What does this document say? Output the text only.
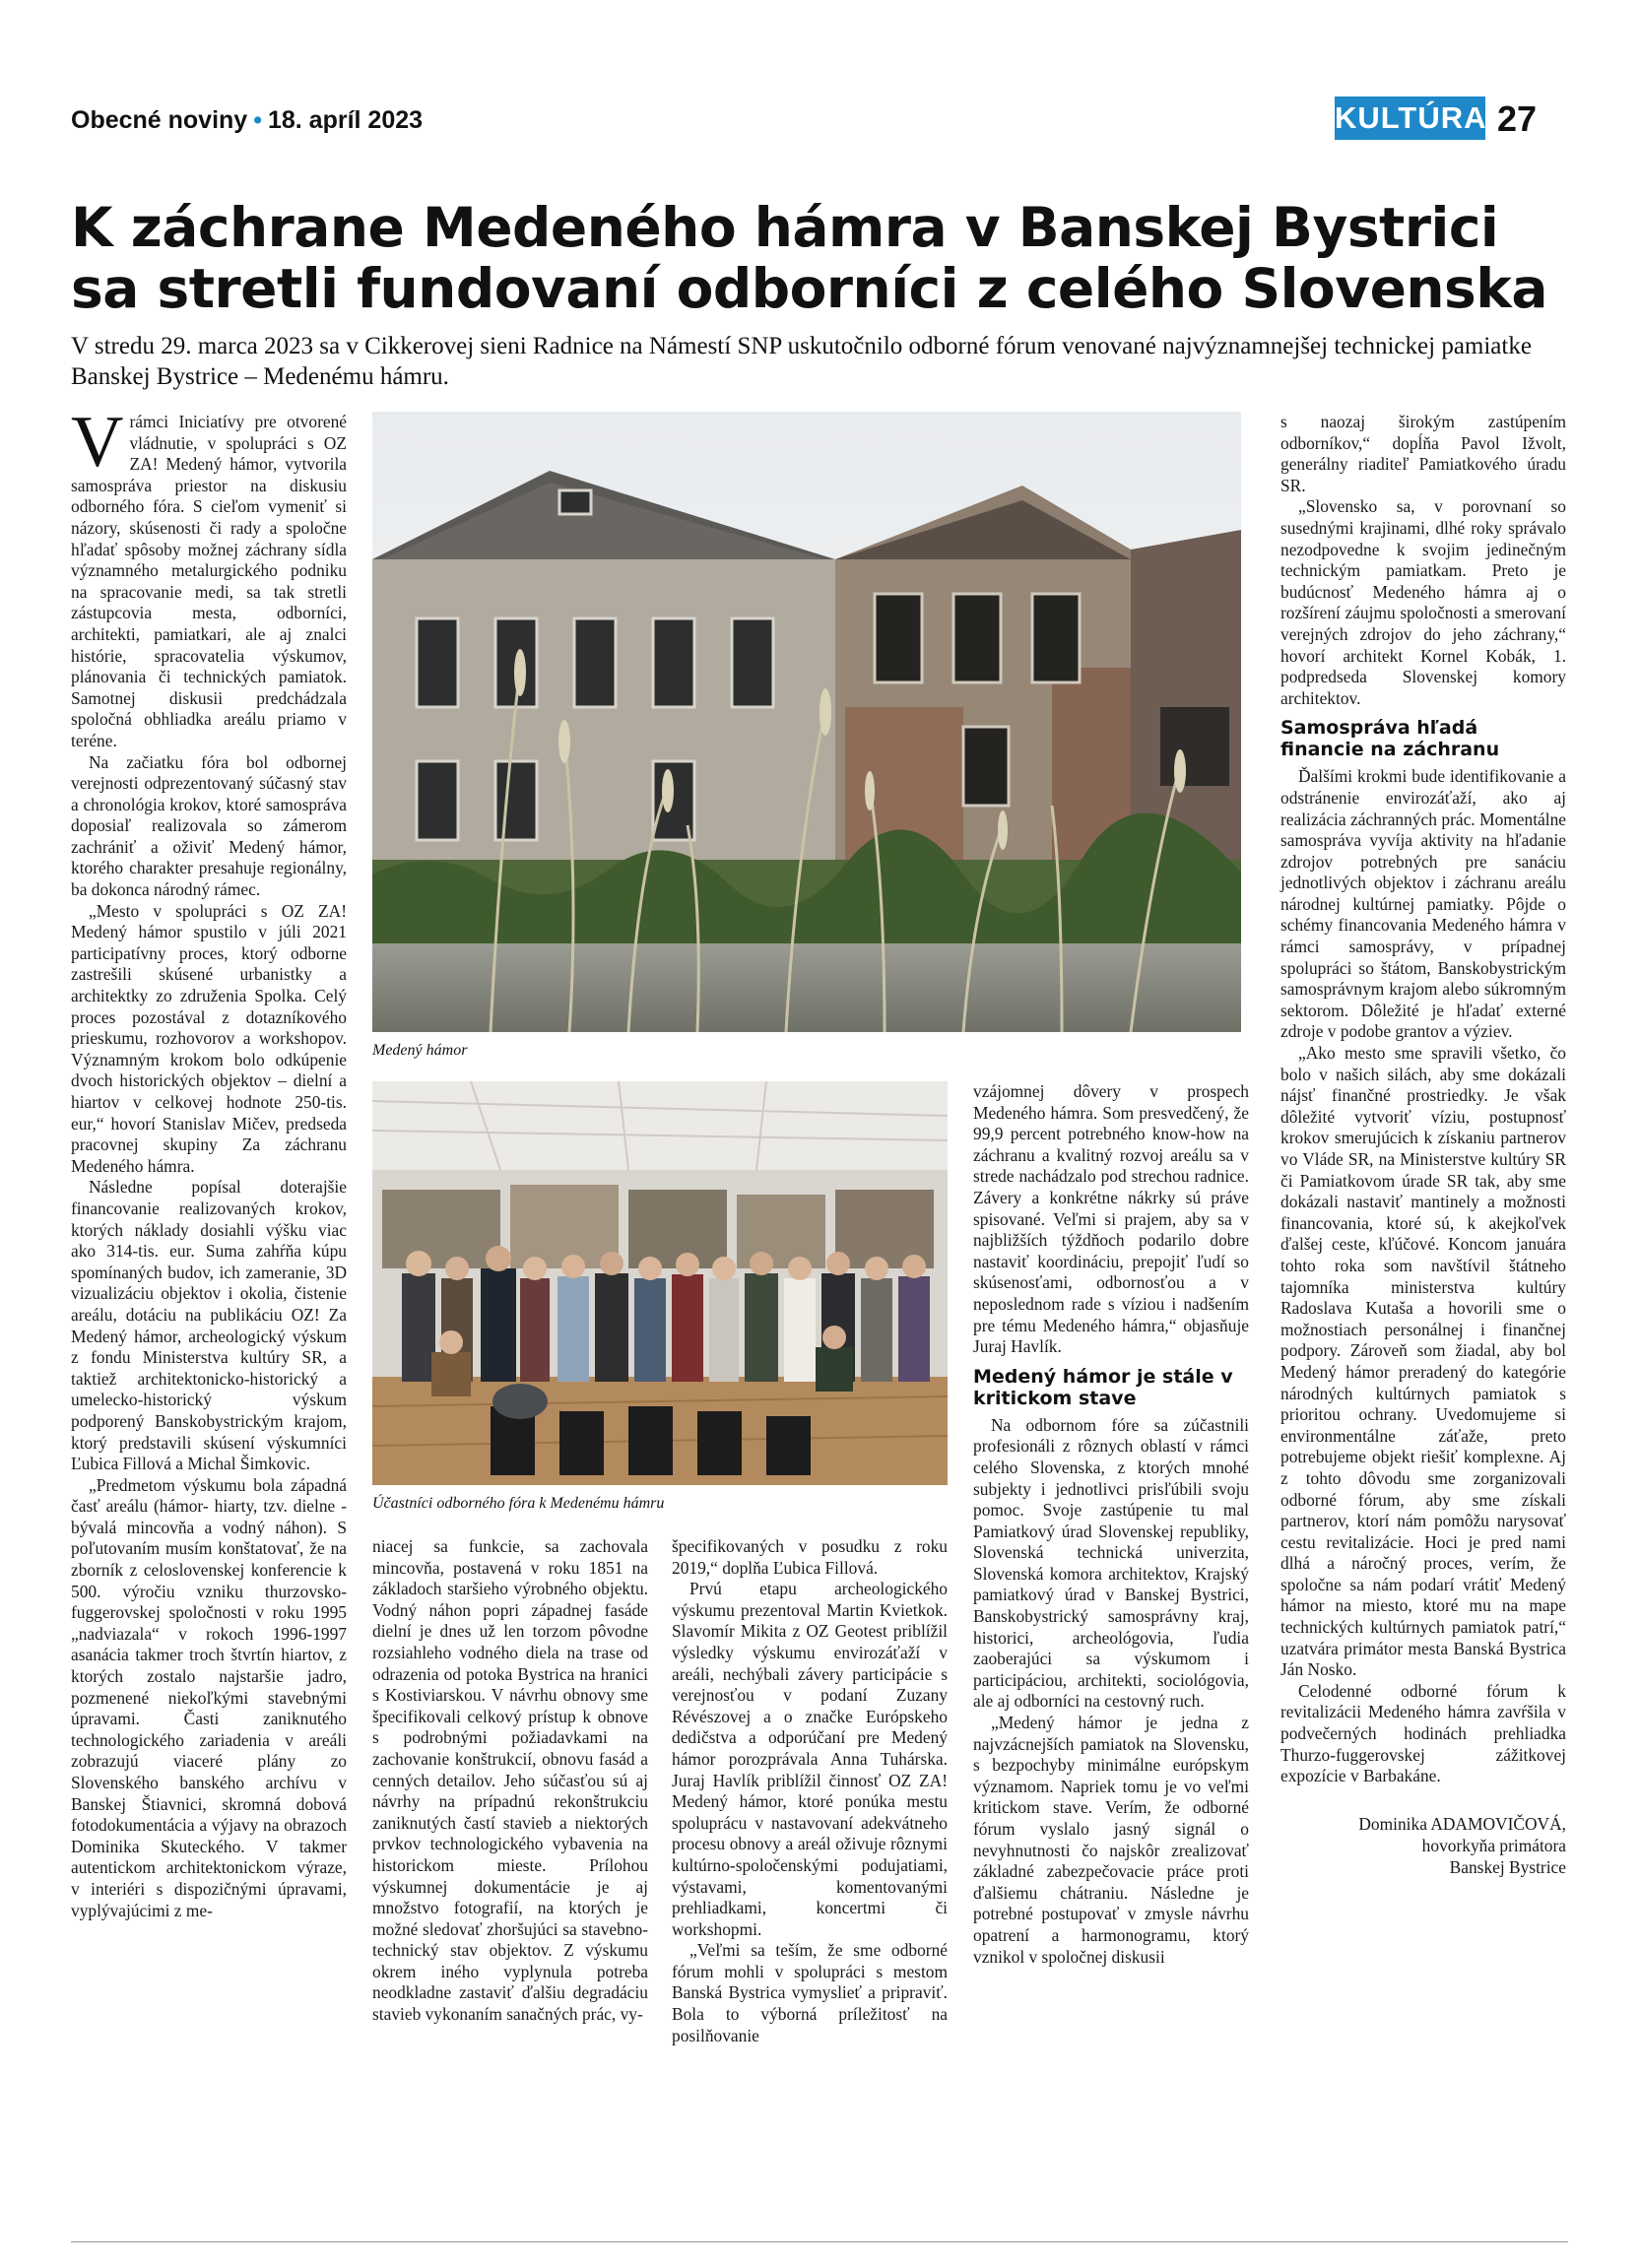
Obecné noviny • 18. apríl 2023	KULTÚRA 27
K záchrane Medeného hámra v Banskej Bystrici
sa stretli fundovaní odborníci z celého Slovenska

V stredu 29. marca 2023 sa v Cikkerovej sieni Radnice na Námestí SNP uskutočnilo odborné fórum venované najvýznamnejšej technickej pamiatke Banskej Bystrice – Medenému hámru.

Vrámci Iniciatívy pre otvorené vládnutie, v spolupráci s OZ ZA! Medený hámor, vytvorila samospráva priestor na diskusiu odborného fóra. S cieľom vymeniť si názory, skúsenosti či rady a spoločne hľadať spôsoby možnej záchrany sídla významného metalurgického podniku na spracovanie medi, sa tak stretli zástupcovia mesta, odborníci, architekti, pamiatkari, ale aj znalci histórie, spracovatelia výskumov, plánovania či technických pamiatok. Samotnej diskusii predchádzala spoločná obhliadka areálu priamo v teréne.

Na začiatku fóra bol odbornej verejnosti odprezentovaný súčasný stav a chronológia krokov, ktoré samospráva doposiaľ realizovala so zámerom zachrániť a oživiť Medený hámor, ktorého charakter presahuje regionálny, ba dokonca národný rámec.

„Mesto v spolupráci s OZ ZA! Medený hámor spustilo v júli 2021 participatívny proces, ktorý odborne zastrešili skúsené urbanistky a architektky zo združenia Spolka. Celý proces pozostával z dotazníkového prieskumu, rozhovorov a workshopov. Významným krokom bolo odkúpenie dvoch historických objektov – dielní a hiartov v celkovej hodnote 250-tis. eur,“ hovorí Stanislav Mičev, predseda pracovnej skupiny Za záchranu Medeného hámra.

Následne popísal doterajšie financovanie realizovaných krokov, ktorých náklady dosiahli výšku viac ako 314-tis. eur. Suma zahŕňa kúpu spomínaných budov, ich zameranie, 3D vizualizáciu objektov i okolia, čistenie areálu, dotáciu na publikáciu OZ! Za Medený hámor, archeologický výskum z fondu Ministerstva kultúry SR, a taktiež architektonicko-historický a umelecko-historický výskum podporený Banskobystrickým krajom, ktorý predstavili skúsení výskumníci Ľubica Fillová a Michal Šimkovic.

„Predmetom výskumu bola západná časť areálu (hámor- hiarty, tzv. dielne - bývalá mincovňa a vodný náhon). S poľutovaním musím konštatovať, že na zborník z celoslovenskej konferencie k 500. výročiu vzniku thurzovsko-fuggerovskej spoločnosti v roku 1995 „nadviazala“ v rokoch 1996-1997 asanácia takmer troch štvrtín hiartov, z ktorých zostalo najstaršie jadro, pozmenené niekoľkými stavebnými úpravami. Časti zaniknutého technologického zariadenia v areáli zobrazujú viaceré plány zo Slovenského banského archívu v Banskej Štiavnici, skromná dobová fotodokumentácia a výjavy na obrazoch Dominika Skuteckého. V takmer autentickom architektonickom výraze, v interiéri s dispozičnými úpravami, vyplývajúcimi z me-

Medený hámor
Účastníci odborného fóra k Medenému hámru

niacej sa funkcie, sa zachovala mincovňa, postavená v roku 1851 na základoch staršieho výrobného objektu. Vodný náhon popri západnej fasáde dielní je dnes už len torzom pôvodne rozsiahleho vodného diela na trase od odrazenia od potoka Bystrica na hranici s Kostiviarskou. V návrhu obnovy sme špecifikovali celkový prístup k obnove s podrobnými požiadavkami na zachovanie konštrukcií, obnovu fasád a cenných detailov. Jeho súčasťou sú aj návrhy na prípadnú rekonštrukciu zaniknutých častí stavieb a niektorých prvkov technologického vybavenia na historickom mieste. Prílohou výskumnej dokumentácie je aj množstvo fotografií, na ktorých je možné sledovať zhoršujúci sa stavebno-technický stav objektov. Z výskumu okrem iného vyplynula potreba neodkladne zastaviť ďalšiu degradáciu stavieb vykonaním sanačných prác, vy-

špecifikovaných v posudku z roku 2019,“ doplňa Ľubica Fillová.

Prvú etapu archeologického výskumu prezentoval Martin Kvietkok. Slavomír Mikita z OZ Geotest priblížil výsledky výskumu envirozáťaží v areáli, nechýbali závery participácie s verejnosťou v podaní Zuzany Révészovej a o značke Európskeho dedičstva a odporúčaní pre Medený hámor porozprávala Anna Tuhárska. Juraj Havlík priblížil činnosť OZ ZA! Medený hámor, ktoré ponúka mestu spoluprácu v nastavovaní adekvátneho procesu obnovy a areál oživuje rôznymi kultúrno-spoločenskými podujatiami, výstavami, komentovanými prehliadkami, koncertmi či workshopmi.

„Veľmi sa teším, že sme odborné fórum mohli v spolupráci s mestom Banská Bystrica vymyslieť a pripraviť. Bola to výborná príležitosť na posilňovanie

vzájomnej dôvery v prospech Medeného hámra. Som presvedčený, že 99,9 percent potrebného know-how na záchranu a kvalitný rozvoj areálu sa v strede nachádzalo pod strechou radnice. Závery a konkrétne nákrky sú práve spisované. Veľmi si prajem, aby sa v najbližších týždňoch podarilo dobre nastaviť koordináciu, prepojiť ľudí so skúsenosťami, odbornosťou a v neposlednom rade s víziou i nadšením pre tému Medeného hámra,“ objasňuje Juraj Havlík.

Medený hámor je stále v kritickom stave

Na odbornom fóre sa zúčastnili profesionáli z rôznych oblastí v rámci celého Slovenska, z ktorých mnohé subjekty i jednotlivci prisľúbili svoju pomoc. Svoje zastúpenie tu mal Pamiatkový úrad Slovenskej republiky, Slovenská technická univerzita, Slovenská komora architektov, Krajský pamiatkový úrad v Banskej Bystrici, Banskobystrický samosprávny kraj, historici, archeológovia, ľudia zaoberajúci sa výskumom i participáciou, architekti, sociológovia, ale aj odborníci na cestovný ruch.

„Medený hámor je jedna z najvzácnejších pamiatok na Slovensku, s bezpochyby minimálne európskym významom. Napriek tomu je vo veľmi kritickom stave. Verím, že odborné fórum vyslalo jasný signál o nevyhnutnosti čo najskôr zrealizovať základné zabezpečovacie práce proti ďalšiemu chátraniu. Následne je potrebné postupovať v zmysle návrhu opatrení a harmonogramu, ktorý vznikol v spoločnej diskusii

s naozaj širokým zastúpením odborníkov,“ dopĺňa Pavol Ižvolt, generálny riaditeľ Pamiatkového úradu SR.

„Slovensko sa, v porovnaní so susednými krajinami, dlhé roky správalo nezodpovedne k svojim jedinečným technickým pamiatkam. Preto je budúcnosť Medeného hámra aj o rozšírení záujmu spoločnosti a smerovaní verejných zdrojov do jeho záchrany,“ hovorí architekt Kornel Kobák, 1. podpredseda Slovenskej komory architektov.

Samospráva hľadá financie na záchranu

Ďalšími krokmi bude identifikovanie a odstránenie envirozáťaží, ako aj realizácia záchranných prác. Momentálne samospráva vyvíja aktivity na hľadanie zdrojov potrebných pre sanáciu jednotlivých objektov i záchranu areálu národnej kultúrnej pamiatky. Pôjde o schémy financovania Medeného hámra v rámci samosprávy, v prípadnej spolupráci so štátom, Banskobystrickým samosprávnym krajom alebo súkromným sektorom. Dôležité je hľadať externé zdroje v podobe grantov a výziev.

„Ako mesto sme spravili všetko, čo bolo v našich silách, aby sme dokázali nájsť finančné prostriedky. Je však dôležité vytvoriť víziu, postupnosť krokov smerujúcich k získaniu partnerov vo Vláde SR, na Ministerstve kultúry SR či Pamiatkovom úrade SR tak, aby sme dokázali nastaviť mantinely a možnosti financovania, ktoré sú, k akejkoľvek ďalšej ceste, kľúčové. Koncom januára tohto roka som navštívil štátneho tajomníka ministerstva kultúry Radoslava Kutaša a hovorili sme o možnostiach personálnej i finančnej podpory. Zároveň som žiadal, aby bol Medený hámor preradený do kategórie národných kultúrnych pamiatok s prioritou ochrany. Uvedomujeme si environmentálne záťaže, preto potrebujeme objekt riešiť komplexne. Aj z tohto dôvodu sme zorganizovali odborné fórum, aby sme získali partnerov, ktorí nám pomôžu narysovať cestu revitalizácie. Hoci je pred nami dlhá a náročný proces, verím, že spoločne sa nám podarí vrátiť Medený hámor na miesto, ktoré mu na mape technických kultúrnych pamiatok patrí,“ uzatvára primátor mesta Banská Bystrica Ján Nosko.

Celodenné odborné fórum k revitalizácii Medeného hámra zavŕšila v podvečerných hodinách prehliadka Thurzo-fuggerovskej zážitkovej expozície v Barbakáne.

Dominika ADAMOVIČOVÁ,
hovorkyňa primátora
Banskej Bystrice
